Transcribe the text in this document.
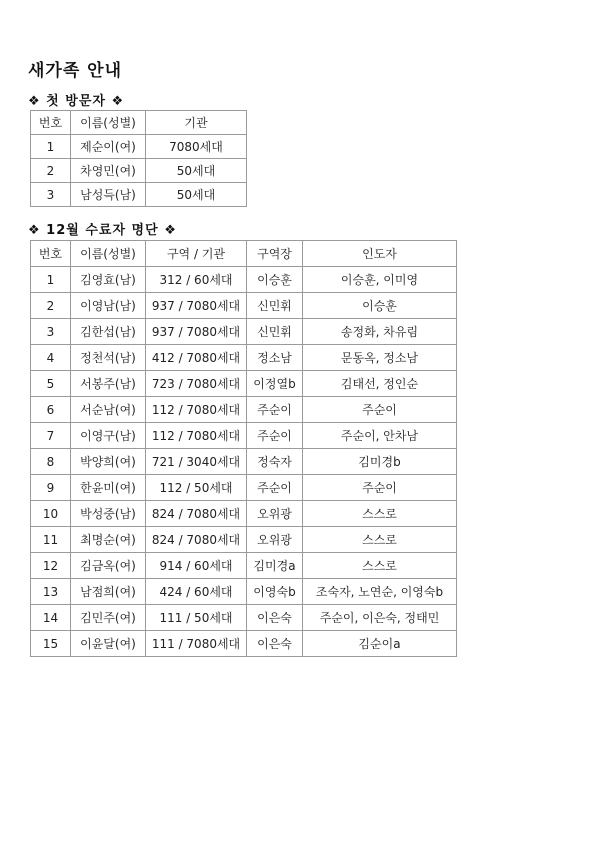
새가족 안내
❖ 첫 방문자 ❖
번호	이름(성별)	기관
1	제순이(여)	7080세대
2	차영민(여)	50세대
3	남성득(남)	50세대
❖ 12월 수료자 명단 ❖
번호	이름(성별)	구역 / 기관	구역장	인도자
1	김영효(남)	312 / 60세대	이승훈	이승훈, 이미영
2	이영남(남)	937 / 7080세대	신민휘	이승훈
3	김한섭(남)	937 / 7080세대	신민휘	송정화, 차유림
4	정천석(남)	412 / 7080세대	정소남	문동옥, 정소남
5	서봉주(남)	723 / 7080세대	이정열b	김태선, 정인순
6	서순남(여)	112 / 7080세대	주순이	주순이
7	이영구(남)	112 / 7080세대	주순이	주순이, 안차남
8	박양희(여)	721 / 3040세대	정숙자	김미경b
9	한윤미(여)	112 / 50세대	주순이	주순이
10	박성중(남)	824 / 7080세대	오위광	스스로
11	최명순(여)	824 / 7080세대	오위광	스스로
12	김금옥(여)	914 / 60세대	김미경a	스스로
13	남점희(여)	424 / 60세대	이영숙b	조숙자, 노연순, 이영숙b
14	김민주(여)	111 / 50세대	이은숙	주순이, 이은숙, 정태민
15	이윤달(여)	111 / 7080세대	이은숙	김순이a
